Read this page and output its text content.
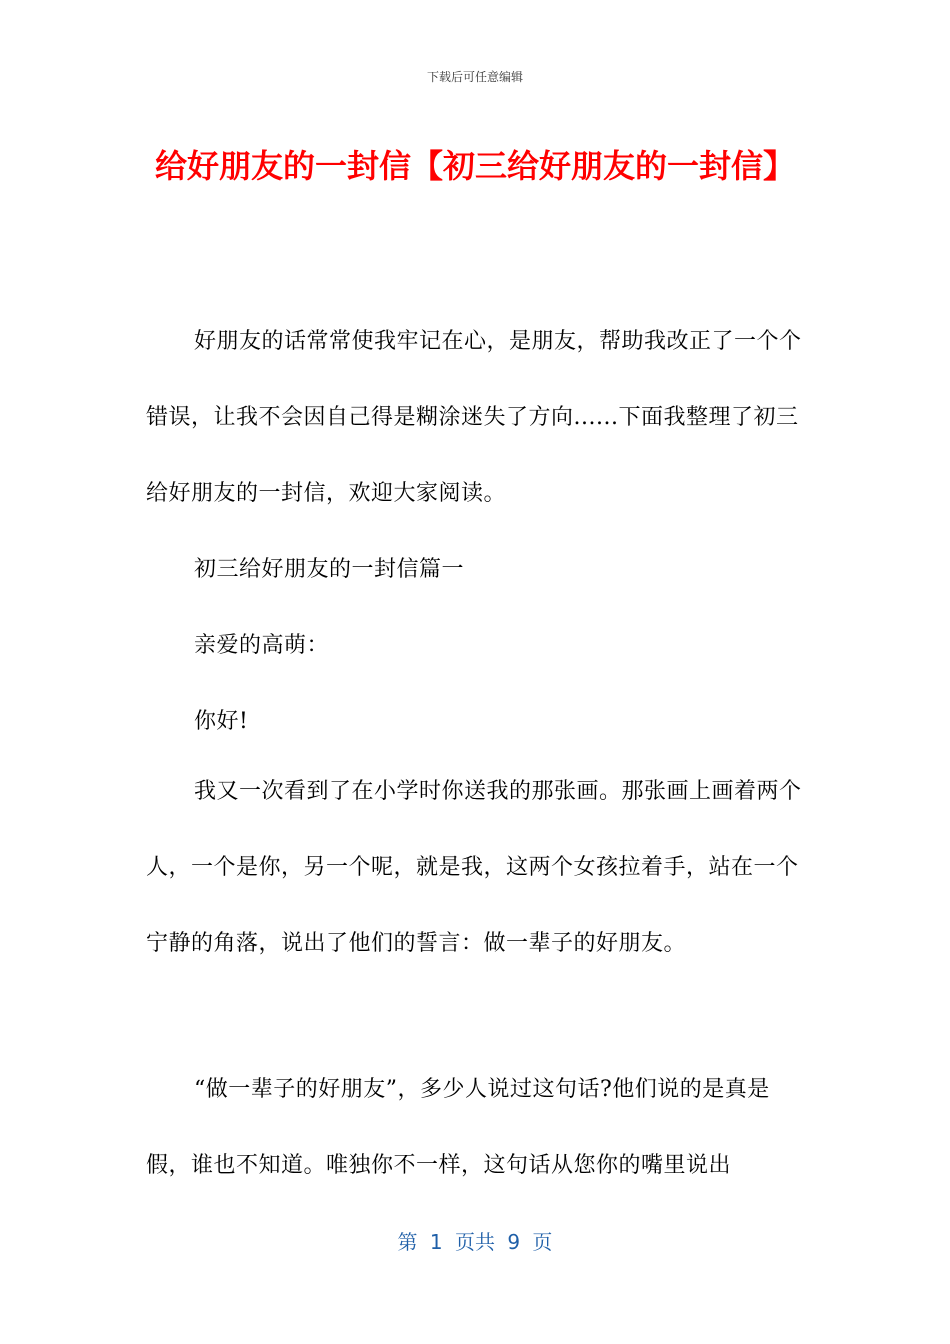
下载后可任意编辑
给好朋友的一封信【初三给好朋友的一封信】

好朋友的话常常使我牢记在心，是朋友，帮助我改正了一个个错误，让我不会因自己得是糊涂迷失了方向......下面我整理了初三给好朋友的一封信，欢迎大家阅读。

初三给好朋友的一封信篇一

亲爱的高萌：

你好!

我又一次看到了在小学时你送我的那张画。那张画上画着两个人，一个是你，另一个呢，就是我，这两个女孩拉着手，站在一个宁静的角落，说出了他们的誓言：做一辈子的好朋友。

“做一辈子的好朋友”，多少人说过这句话?他们说的是真是假，谁也不知道。唯独你不一样，这句话从您你的嘴里说出

第 1 页共 9 页
